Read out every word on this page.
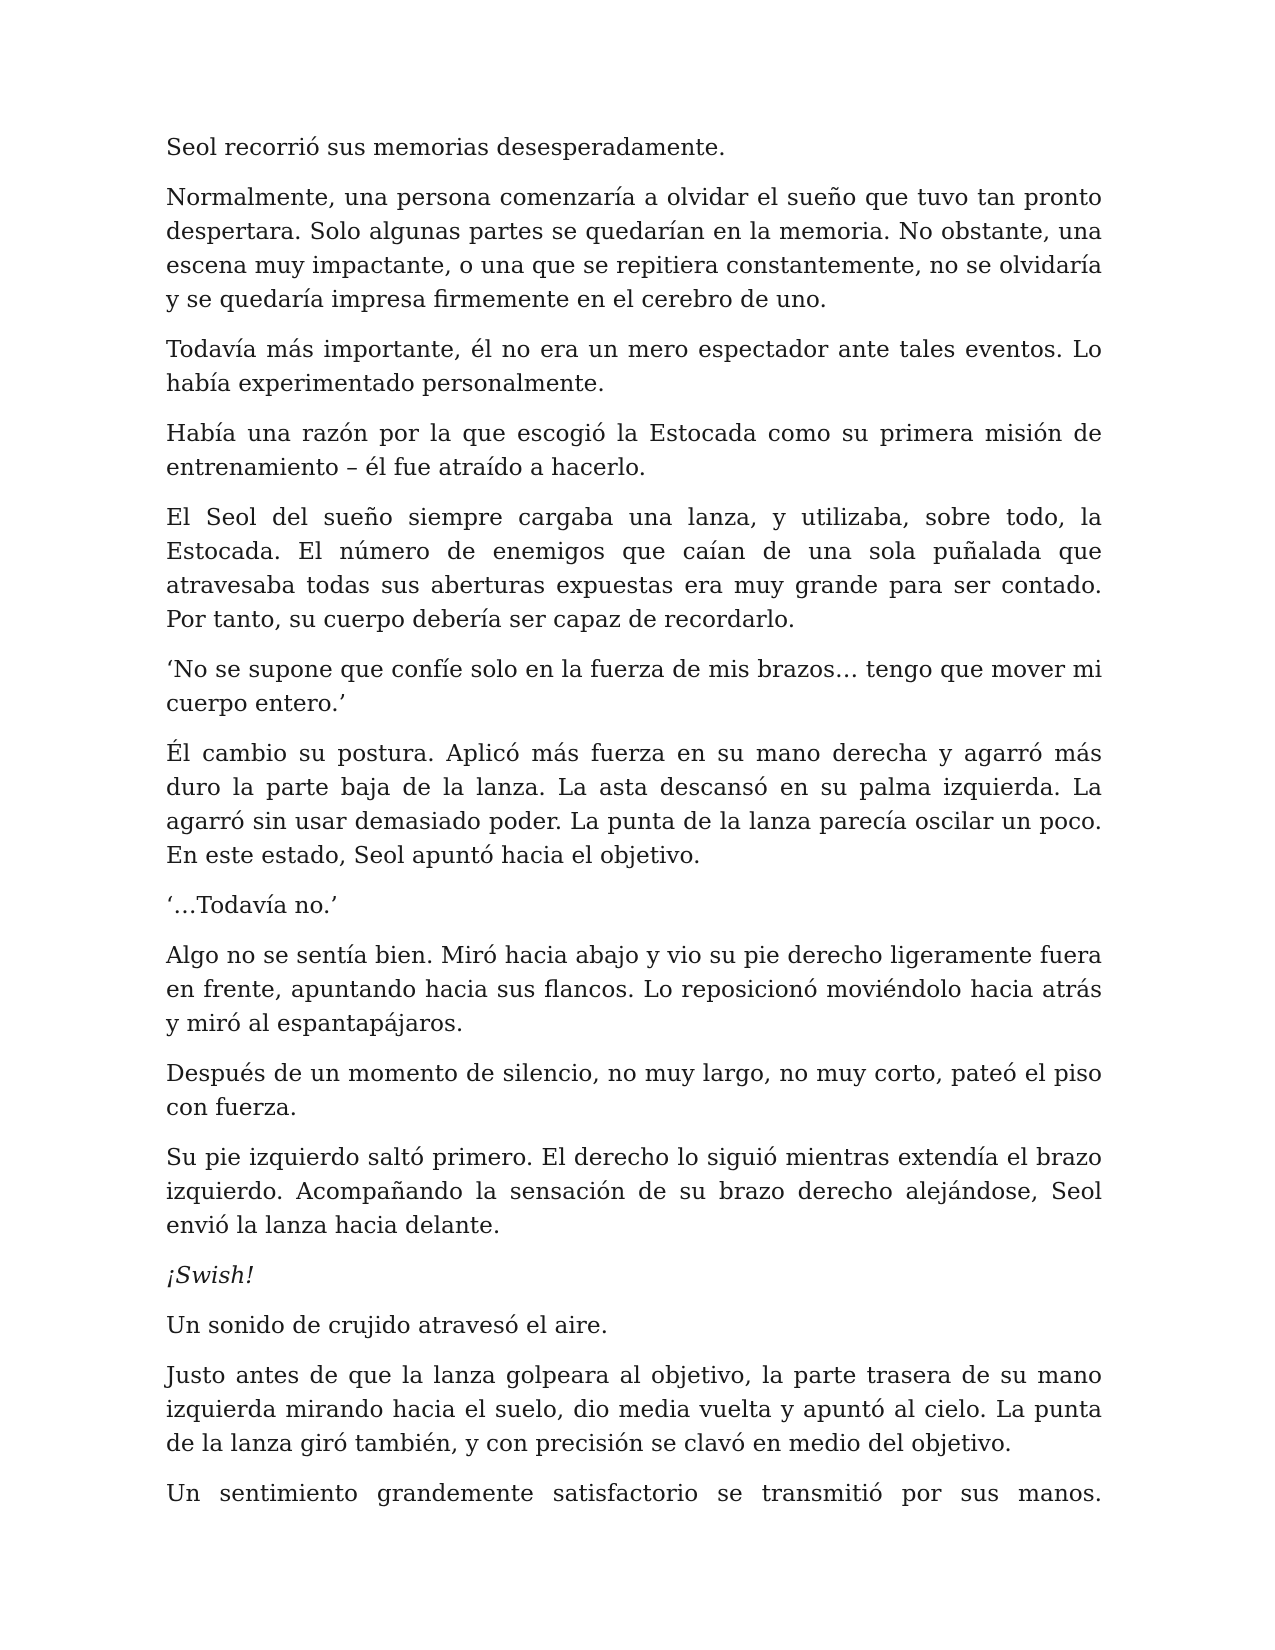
Seol recorrió sus memorias desesperadamente.

Normalmente, una persona comenzaría a olvidar el sueño que tuvo tan pronto despertara. Solo algunas partes se quedarían en la memoria. No obstante, una escena muy impactante, o una que se repitiera constantemente, no se olvidaría y se quedaría impresa firmemente en el cerebro de uno.

Todavía más importante, él no era un mero espectador ante tales eventos. Lo había experimentado personalmente.

Había una razón por la que escogió la Estocada como su primera misión de entrenamiento – él fue atraído a hacerlo.

El Seol del sueño siempre cargaba una lanza, y utilizaba, sobre todo, la Estocada. El número de enemigos que caían de una sola puñalada que atravesaba todas sus aberturas expuestas era muy grande para ser contado. Por tanto, su cuerpo debería ser capaz de recordarlo.

‘No se supone que confíe solo en la fuerza de mis brazos… tengo que mover mi cuerpo entero.’

Él cambio su postura. Aplicó más fuerza en su mano derecha y agarró más duro la parte baja de la lanza. La asta descansó en su palma izquierda. La agarró sin usar demasiado poder. La punta de la lanza parecía oscilar un poco. En este estado, Seol apuntó hacia el objetivo.

‘…Todavía no.’

Algo no se sentía bien. Miró hacia abajo y vio su pie derecho ligeramente fuera en frente, apuntando hacia sus flancos. Lo reposicionó moviéndolo hacia atrás y miró al espantapájaros.

Después de un momento de silencio, no muy largo, no muy corto, pateó el piso con fuerza.

Su pie izquierdo saltó primero. El derecho lo siguió mientras extendía el brazo izquierdo. Acompañando la sensación de su brazo derecho alejándose, Seol envió la lanza hacia delante.

¡Swish!

Un sonido de crujido atravesó el aire.

Justo antes de que la lanza golpeara al objetivo, la parte trasera de su mano izquierda mirando hacia el suelo, dio media vuelta y apuntó al cielo. La punta de la lanza giró también, y con precisión se clavó en medio del objetivo.

Un sentimiento grandemente satisfactorio se transmitió por sus manos.
